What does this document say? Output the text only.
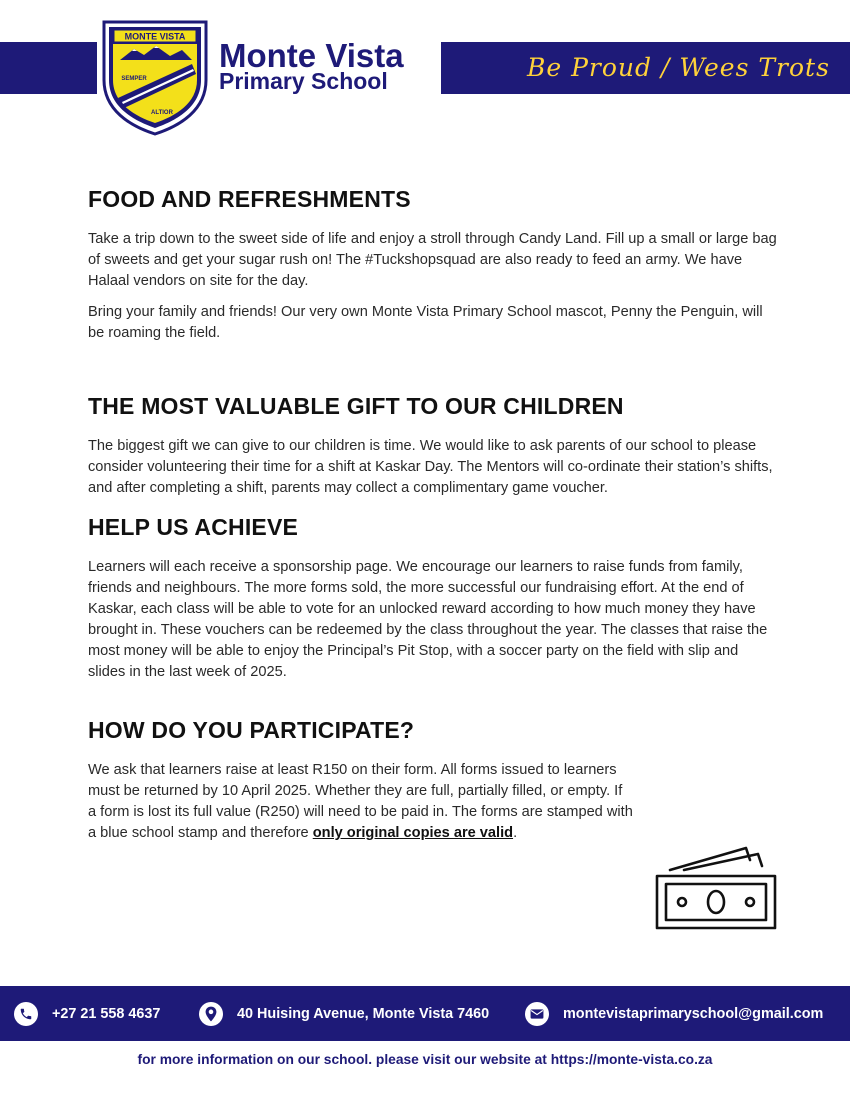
Be Proud / Wees Trots
MONTE VISTA
SEMPER
ALTIOR
Monte Vista
Primary School
FOOD AND REFRESHMENTS

Take a trip down to the sweet side of life and enjoy a stroll through Candy Land. Fill up a small or large bag of sweets and get your sugar rush on! The #Tuckshopsquad are also ready to feed an army. We have Halaal vendors on site for the day.

Bring your family and friends! Our very own Monte Vista Primary School mascot, Penny the Penguin, will be roaming the field.

THE MOST VALUABLE GIFT TO OUR CHILDREN

The biggest gift we can give to our children is time. We would like to ask parents of our school to please consider volunteering their time for a shift at Kaskar Day. The Mentors will co-ordinate their station’s shifts, and after completing a shift, parents may collect a complimentary game voucher.

HELP US ACHIEVE

Learners will each receive a sponsorship page. We encourage our learners to raise funds from family, friends and neighbours. The more forms sold, the more successful our fundraising effort. At the end of Kaskar, each class will be able to vote for an unlocked reward according to how much money they have brought in. These vouchers can be redeemed by the class throughout the year. The classes that raise the most money will be able to enjoy the Principal’s Pit Stop, with a soccer party on the field with slip and slides in the last week of 2025.

HOW DO YOU PARTICIPATE?

We ask that learners raise at least R150 on their form. All forms issued to learners must be returned by 10 April 2025. Whether they are full, partially filled, or empty. If a form is lost its full value (R250) will need to be paid in. The forms are stamped with a blue school stamp and therefore only original copies are valid.

+27 21 558 4637	40 Huising Avenue, Monte Vista 7460	montevistaprimaryschool@gmail.com
for more information on our school. please visit our website at https://monte-vista.co.za
